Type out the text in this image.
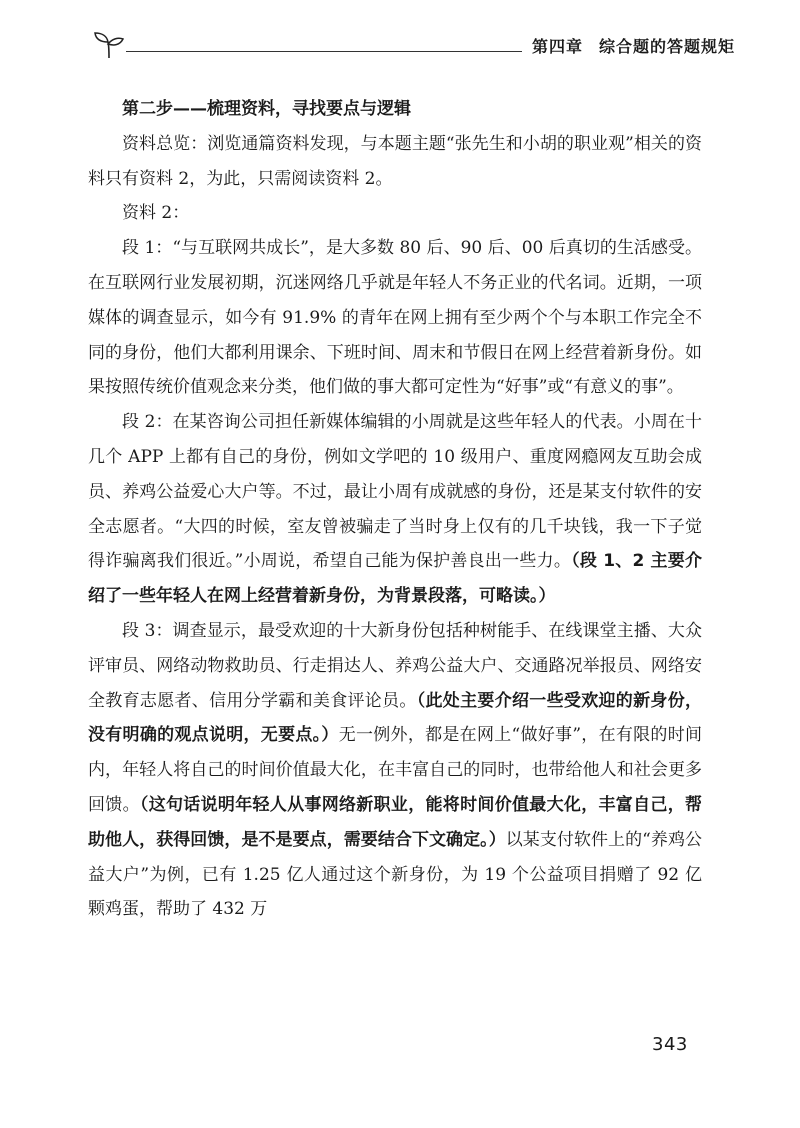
第四章 综合题的答题规矩

第二步——梳理资料，寻找要点与逻辑

资料总览：浏览通篇资料发现，与本题主题“张先生和小胡的职业观”相关的资料只有资料 2，为此，只需阅读资料 2。

资料 2：

段 1：“与互联网共成长”，是大多数 80 后、90 后、00 后真切的生活感受。在互联网行业发展初期，沉迷网络几乎就是年轻人不务正业的代名词。近期，一项媒体的调查显示，如今有 91.9% 的青年在网上拥有至少两个个与本职工作完全不同的身份，他们大都利用课余、下班时间、周末和节假日在网上经营着新身份。如果按照传统价值观念来分类，他们做的事大都可定性为“好事”或“有意义的事”。

段 2：在某咨询公司担任新媒体编辑的小周就是这些年轻人的代表。小周在十几个 APP 上都有自己的身份，例如文学吧的 10 级用户、重度网瘾网友互助会成员、养鸡公益爱心大户等。不过，最让小周有成就感的身份，还是某支付软件的安全志愿者。“大四的时候，室友曾被骗走了当时身上仅有的几千块钱，我一下子觉得诈骗离我们很近。”小周说，希望自己能为保护善良出一些力。（段 1、2 主要介绍了一些年轻人在网上经营着新身份，为背景段落，可略读。）

段 3：调查显示，最受欢迎的十大新身份包括种树能手、在线课堂主播、大众评审员、网络动物救助员、行走捐达人、养鸡公益大户、交通路况举报员、网络安全教育志愿者、信用分学霸和美食评论员。（此处主要介绍一些受欢迎的新身份，没有明确的观点说明，无要点。）无一例外，都是在网上“做好事”，在有限的时间内，年轻人将自己的时间价值最大化，在丰富自己的同时，也带给他人和社会更多回馈。（这句话说明年轻人从事网络新职业，能将时间价值最大化，丰富自己，帮助他人，获得回馈，是不是要点，需要结合下文确定。）以某支付软件上的“养鸡公益大户”为例，已有 1.25 亿人通过这个新身份，为 19 个公益项目捐赠了 92 亿颗鸡蛋，帮助了 432 万

343
